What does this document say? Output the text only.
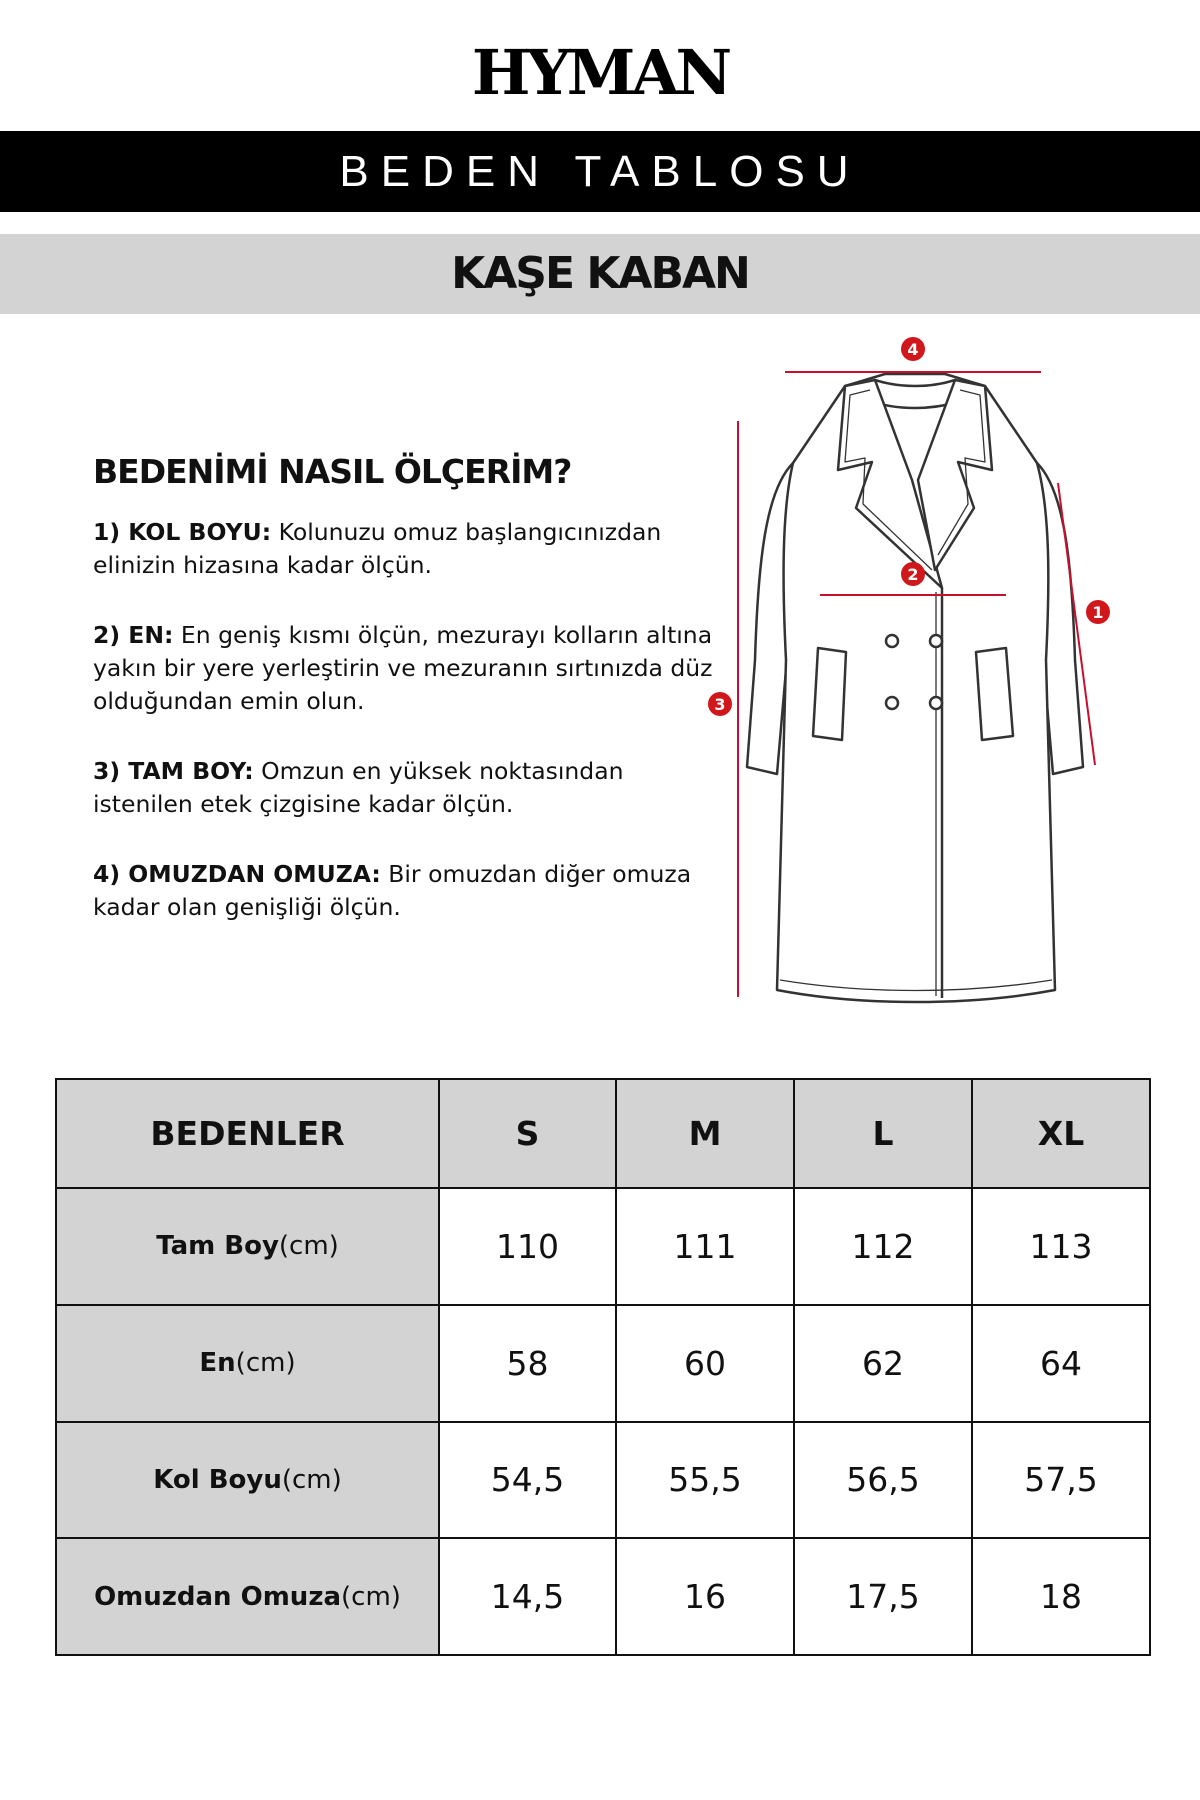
HYMAN
BEDEN TABLOSU
KAŞE KABAN
BEDENİMİ NASIL ÖLÇERİM?

1) KOL BOYU: Kolunuzu omuz başlangıcınızdan elinizin hizasına kadar ölçün.

2) EN: En geniş kısmı ölçün, mezurayı kolların altına yakın bir yere yerleştirin ve mezuranın sırtınızda düz olduğundan emin olun.

3) TAM BOY: Omzun en yüksek noktasından istenilen etek çizgisine kadar ölçün.

4) OMUZDAN OMUZA: Bir omuzdan diğer omuza kadar olan genişliği ölçün.

4
2
3
1
BEDENLER	S	M	L	XL
Tam Boy(cm)	110	111	112	113
En(cm)	58	60	62	64
Kol Boyu(cm)	54,5	55,5	56,5	57,5
Omuzdan Omuza(cm)	14,5	16	17,5	18
